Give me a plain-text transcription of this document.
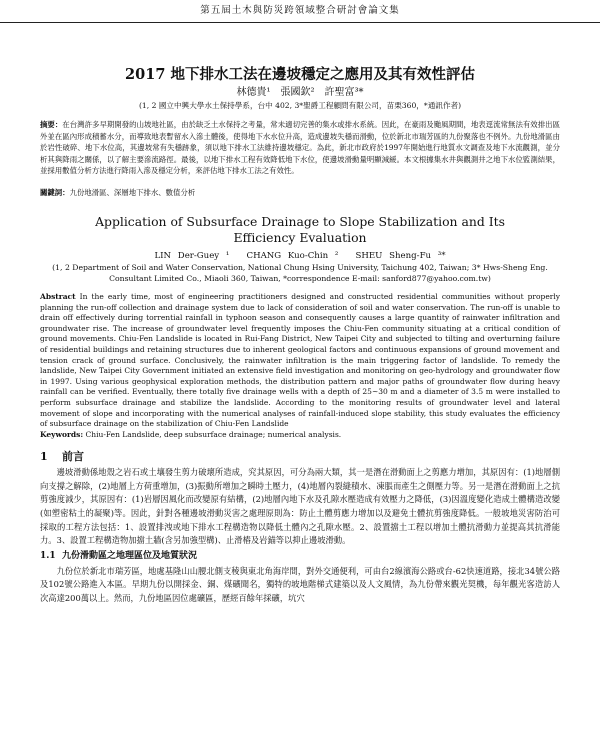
第五屆土木與防災跨領域整合研討會論文集
2017 地下排水工法在邊坡穩定之應用及其有效性評估
林德貴¹　張國欽²　許聖富³*
(1, 2 國立中興大學水土保持學系，台中 402, 3*聖爵工程顧問有限公司，苗栗360，*通訊作者)
摘要：在台灣許多早期開發的山坡地社區，由於缺乏土水保持之考量，常未適切完善的集水或排水系統。因此，在豪雨及颱風期間，地表逕流常無法有效排出區外並在區內形成積蓄水分，而導致地表暫留水入滲土體後，使得地下水水位升高，造成邊坡失穩而滑動，位於新北市瑞芳區的九份聚落也不例外。九份地滑區由於岩性破碎、地下水位高，其邊坡常有失穩跡象，須以地下排水工法維持邊坡穩定。為此，新北市政府於1997年開始進行地質水文調查及地下水流觀測，並分析其與降雨之關係，以了解主要滲流路徑。最後，以地下排水工程有效降低地下水位，使邊坡滑動量明顯減緩。本文根據集水井與觀測井之地下水位監測結果，並採用數值分析方法進行降雨入滲及穩定分析，來評估地下排水工法之有效性。
關鍵詞：九份地滑區、深層地下排水、數值分析
Application of Subsurface Drainage to Slope Stabilization and Its Efficiency Evaluation
LIN Der-Guey ¹　　CHANG Kuo-Chin ²　　SHEU Sheng-Fu ³*
(1, 2 Department of Soil and Water Conservation, National Chung Hsing University, Taichung 402, Taiwan; 3* Hws-Sheng Eng. Consultant Limited Co., Miaoli 360, Taiwan, *correspondence E-mail: sanford877@yahoo.com.tw)
Abstract In the early time, most of engineering practitioners designed and constructed residential communities without properly planning the run-off collection and drainage system due to lack of consideration of soil and water conservation. The run-off is unable to drain off effectively during torrential rainfall in typhoon season and consequently causes a large quantity of rainwater infiltration and groundwater rise. The increase of groundwater level frequently imposes the Chiu-Fen community situating at a critical condition of ground movements. Chiu-Fen Landslide is located in Rui-Fang District, New Taipei City and subjected to tilting and overturning failure of residential buildings and retaining structures due to inherent geological factors and continuous expansions of ground movement and tension crack of ground surface. Conclusively, the rainwater infiltration is the main triggering factor of landslide. To remedy the landslide, New Taipei City Government initiated an extensive field investigation and monitoring on geo-hydrology and groundwater flow in 1997. Using various geophysical exploration methods, the distribution pattern and major paths of groundwater flow during heavy rainfall can be verified. Eventually, there totally five drainage wells with a depth of 25~30 m and a diameter of 3.5 m were installed to perform subsurface drainage and stabilize the landslide. According to the monitoring results of groundwater level and lateral movement of slope and incorporating with the numerical analyses of rainfall-induced slope stability, this study evaluates the efficiency of subsurface drainage on the stabilization of Chiu-Fen Landslide
Keywords: Chiu-Fen Landslide, deep subsurface drainage; numerical analysis.
1 前言

邊坡滑動係地殼之岩石或土壤發生剪力破壞所造成，究其原因，可分為兩大類，其一是潛在滑動面上之剪應力增加，其原因有：(1)地層側向支撐之解除，(2)地層上方荷重增加，(3)振動所增加之瞬時土壓力，(4)地層內裂縫積水、凍脹而產生之側壓力等。另一是潛在滑動面上之抗剪強度減少，其原因有：(1)岩層因風化而改變原有結構，(2)地層內地下水及孔隙水壓造成有效壓力之降低，(3)因溫度變化造成土體構造改變(如塑密粘土的凝聚)等。因此，針對各種邊坡滑動災害之處理原則為：防止土體剪應力增加以及避免土體抗剪強度降低。一般坡地災害防治可採取的工程方法包括：1、設置排洩或地下排水工程構造物以降低土體內之孔隙水壓。2、設置擋土工程以增加土體抗滑動力並提高其抗滑能力。3、設置工程構造物加擋土牆(含另加強型構)、止滑樁及岩錨等以抑止邊坡滑動。

1.1 九份滑動區之地理區位及地質狀況

九份位於新北市瑞芳區，地處基隆山山腰北側支稜與東北角海岸間，對外交通便利，可由台2線濱海公路或台-62快速道路，接北34號公路及102號公路進入本區。早期九份以開採金、銅、煤礦聞名，獨特的坡地階梯式建築以及人文風情，為九份帶來觀光契機，每年觀光客造訪人次高達200萬以上。然而，九份地區因位處礦區，歷經百餘年採礦，坑穴
